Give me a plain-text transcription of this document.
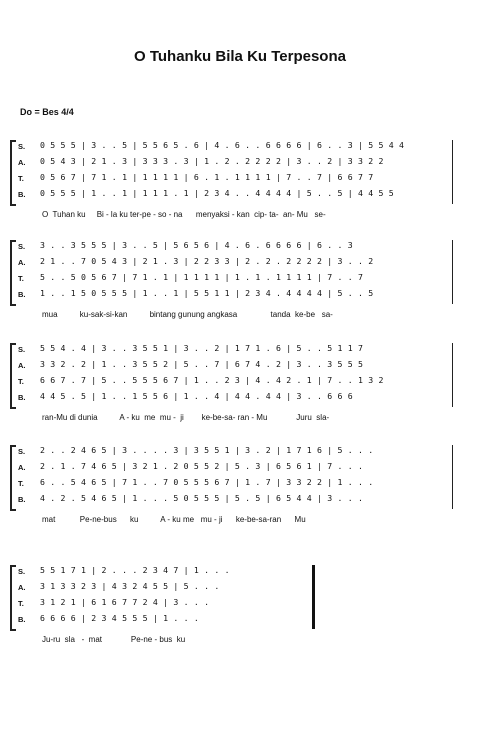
O Tuhanku Bila Ku Terpesona
Do = Bes 4/4
S. 0 5 5 5 | 3 . . 5 | 5 5 6 5 . 6 | 4 . 6 . . 6 6 6 6 | 6 . . 3 | 5 5 4 4
A. 0 5 4 3 | 2 1 . 3 | 3 3 3 . 3 | 1 . 2 . 2 2 2 2 | 3 . . 2 | 3 3 2 2
T. 0 5 6 7 | 7 1 . 1 | 1 1 1 1 | 6 . 1 . 1 1 1 1 | 7 . . 7 | 6 6 7 7
B. 0 5 5 5 | 1 . . 1 | 1 1 1 . 1 | 2 3 4 . . 4 4 4 4 | 5 . . 5 | 4 4 5 5
O  Tuhan ku     Bi - la ku ter-pe - so - na      menyaksi - kan  cip- ta-  an- Mu   se-
S. 3 . . 3 5 5 5 | 3 . . 5 | 5 6 5 6 | 4 . 6 . 6 6 6 6 | 6 . . 3
A. 2 1 . . 7 0 5 4 3 | 2 1 . 3 | 2 2 3 3 | 2 . 2 . 2 2 2 2 | 3 . . 2
T. 5 . . 5 0 5 6 7 | 7 1 . 1 | 1 1 1 1 | 1 . 1 . 1 1 1 1 | 7 . . 7
B. 1 . . 1 5 0 5 5 5 | 1 . . 1 | 5 5 1 1 | 2 3 4 . 4 4 4 4 | 5 . . 5
mua          ku-sak-si-kan          bintang gunung angkasa               tanda  ke-be   sa-
S. 5 5 4 . 4 | 3 . . 3 5 5 1 | 3 . . 2 | 1 7 1 . 6 | 5 . . 5 1 1 7
A. 3 3 2 . 2 | 1 . . 3 5 5 2 | 5 . . 7 | 6 7 4 . 2 | 3 . . 3 5 5 5
T. 6 6 7 . 7 | 5 . . 5 5 5 6 7 | 1 . . 2 3 | 4 . 4 2 . 1 | 7 . . 1 3 2
B. 4 4 5 . 5 | 1 . . 1 5 5 6 | 1 . . 4 | 4 4 . 4 4 | 3 . . 6 6 6
ran-Mu di dunia          A - ku  me  mu -  ji        ke-be-sa- ran - Mu             Juru  sla-
S. 2 . . 2 4 6 5 | 3 . . . . 3 | 3 5 5 1 | 3 . 2 | 1 7 1 6 | 5 . . .
A. 2 . 1 . 7 4 6 5 | 3 2 1 . 2 0 5 5 2 | 5 . 3 | 6 5 6 1 | 7 . . .
T. 6 . . 5 4 6 5 | 7 1 . . 7 0 5 5 5 6 7 | 1 . 7 | 3 3 2 2 | 1 . . .
B. 4 . 2 . 5 4 6 5 | 1 . . . 5 0 5 5 5 | 5 . 5 | 6 5 4 4 | 3 . . .
mat           Pe-ne-bus      ku          A - ku me   mu - ji      ke-be-sa-ran      Mu
S. 5 5 1 7 1 | 2 . . . 2 3 4 7 | 1 . . .
A. 3 1 3 3 2 3 | 4 3 2 4 5 5 | 5 . . .
T. 3 1 2 1 | 6 1 6 7 7 2 4 | 3 . . .
B. 6 6 6 6 | 2 3 4 5 5 5 | 1 . . .
Ju-ru  sla   -  mat             Pe-ne - bus  ku
